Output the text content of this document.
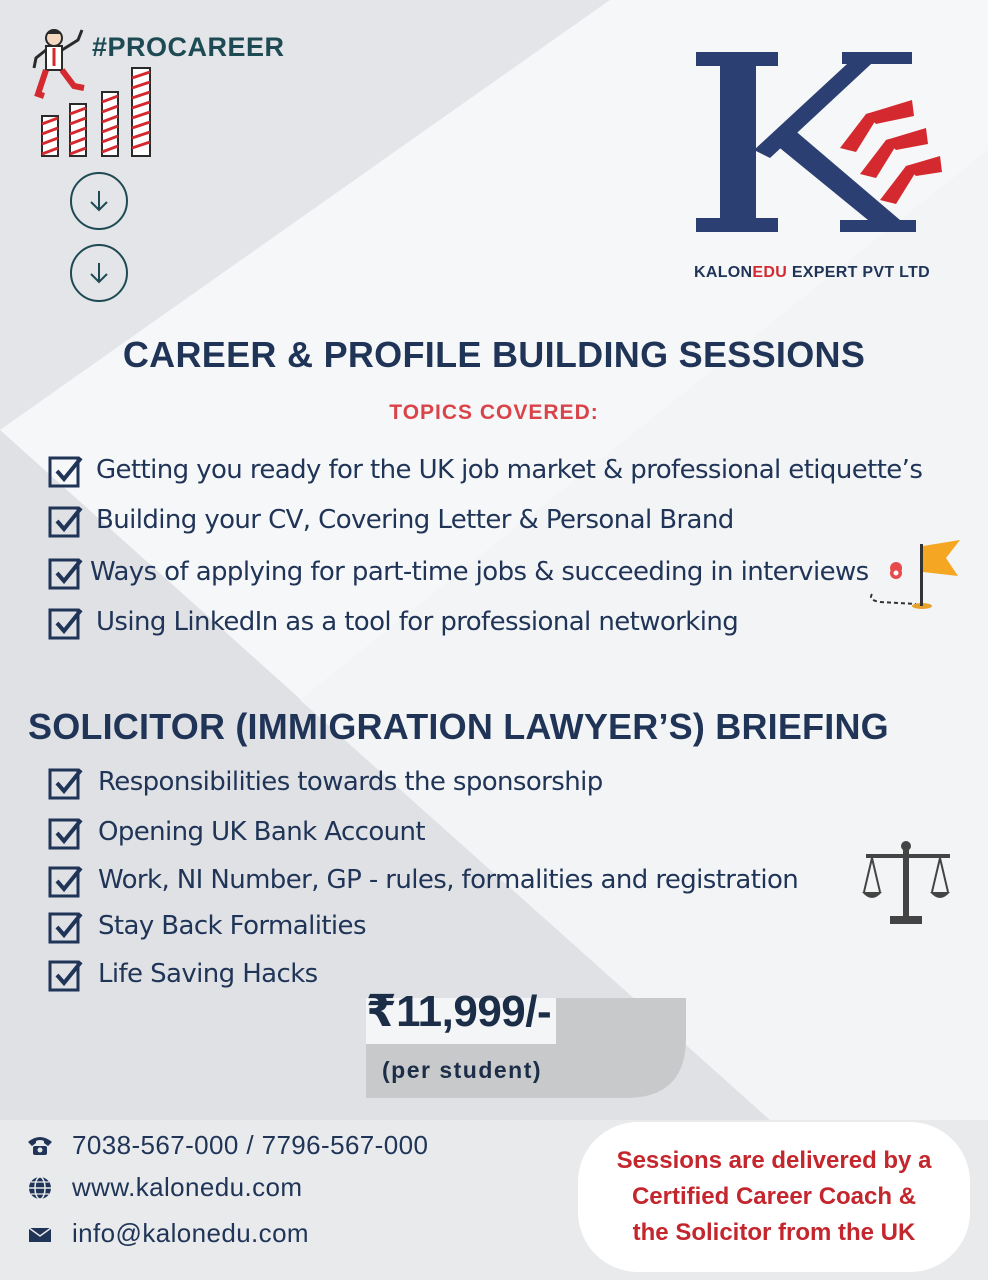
#PROCAREER
KALONEDU EXPERT PVT LTD
CAREER & PROFILE BUILDING SESSIONS
TOPICS COVERED:
Getting you ready for the UK job market & professional etiquette’s
Building your CV, Covering Letter & Personal Brand
Ways of applying for part-time jobs & succeeding in interviews
Using LinkedIn as a tool for professional networking
SOLICITOR (IMMIGRATION LAWYER’S) BRIEFING
Responsibilities towards the sponsorship
Opening UK Bank Account
Work, NI Number, GP - rules, formalities and registration
Stay Back Formalities
Life Saving Hacks
₹11,999/-
(per student)
7038-567-000 / 7796-567-000
www.kalonedu.com
info@kalonedu.com
Sessions are delivered by a
Certified Career Coach &
the Solicitor from the UK
